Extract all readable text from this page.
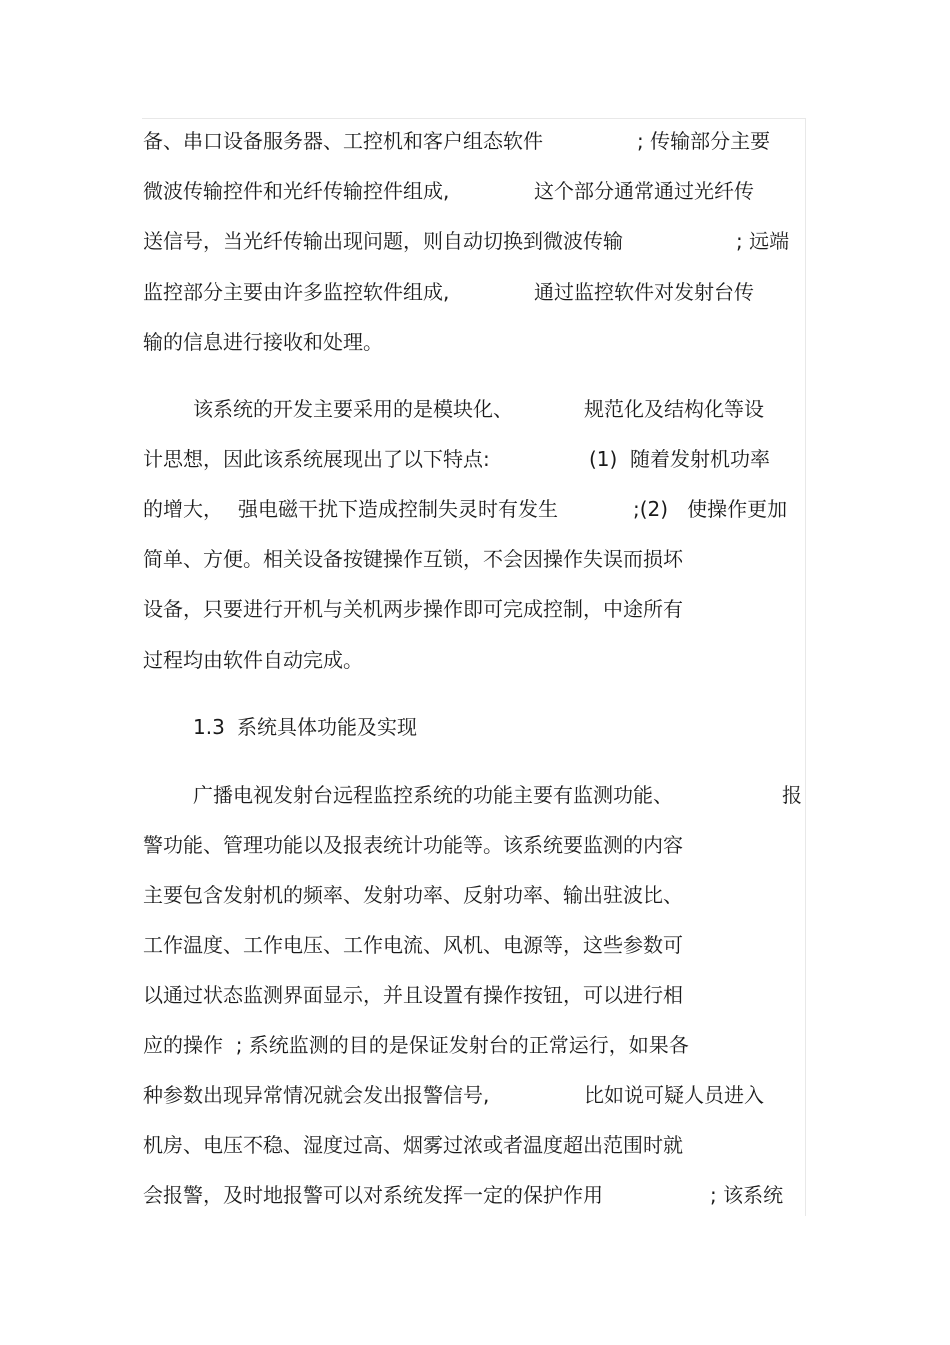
备、串口设备服务器、工控机和客户组态软件

	; 传输部分主要

微波传输控件和光纤传输控件组成,

	这个部分通常通过光纤传

送信号，当光纤传输出现问题，则自动切换到微波传输

	; 远端

监控部分主要由许多监控软件组成,

	通过监控软件对发射台传

输的信息进行接收和处理。

该系统的开发主要采用的是模块化、

	规范化及结构化等设

计思想，因此该系统展现出了以下特点:

	(1)  随着发射机功率

的增大，

强电磁干扰下造成控制失灵时有发生

	;(2)   使操作更加

简单、方便。相关设备按键操作互锁，不会因操作失误而损坏

设备，只要进行开机与关机两步操作即可完成控制，中途所有

过程均由软件自动完成。

1.3

系统具体功能及实现

广播电视发射台远程监控系统的功能主要有监测功能、

	报

警功能、管理功能以及报表统计功能等。该系统要监测的内容

主要包含发射机的频率、发射功率、反射功率、输出驻波比、

工作温度、工作电压、工作电流、风机、电源等，这些参数可

以通过状态监测界面显示，并且设置有操作按钮，可以进行相

应的操作  ; 系统监测的目的是保证发射台的正常运行，如果各

种参数出现异常情况就会发出报警信号,

	比如说可疑人员进入

机房、电压不稳、湿度过高、烟雾过浓或者温度超出范围时就

会报警，及时地报警可以对系统发挥一定的保护作用

	; 该系统
